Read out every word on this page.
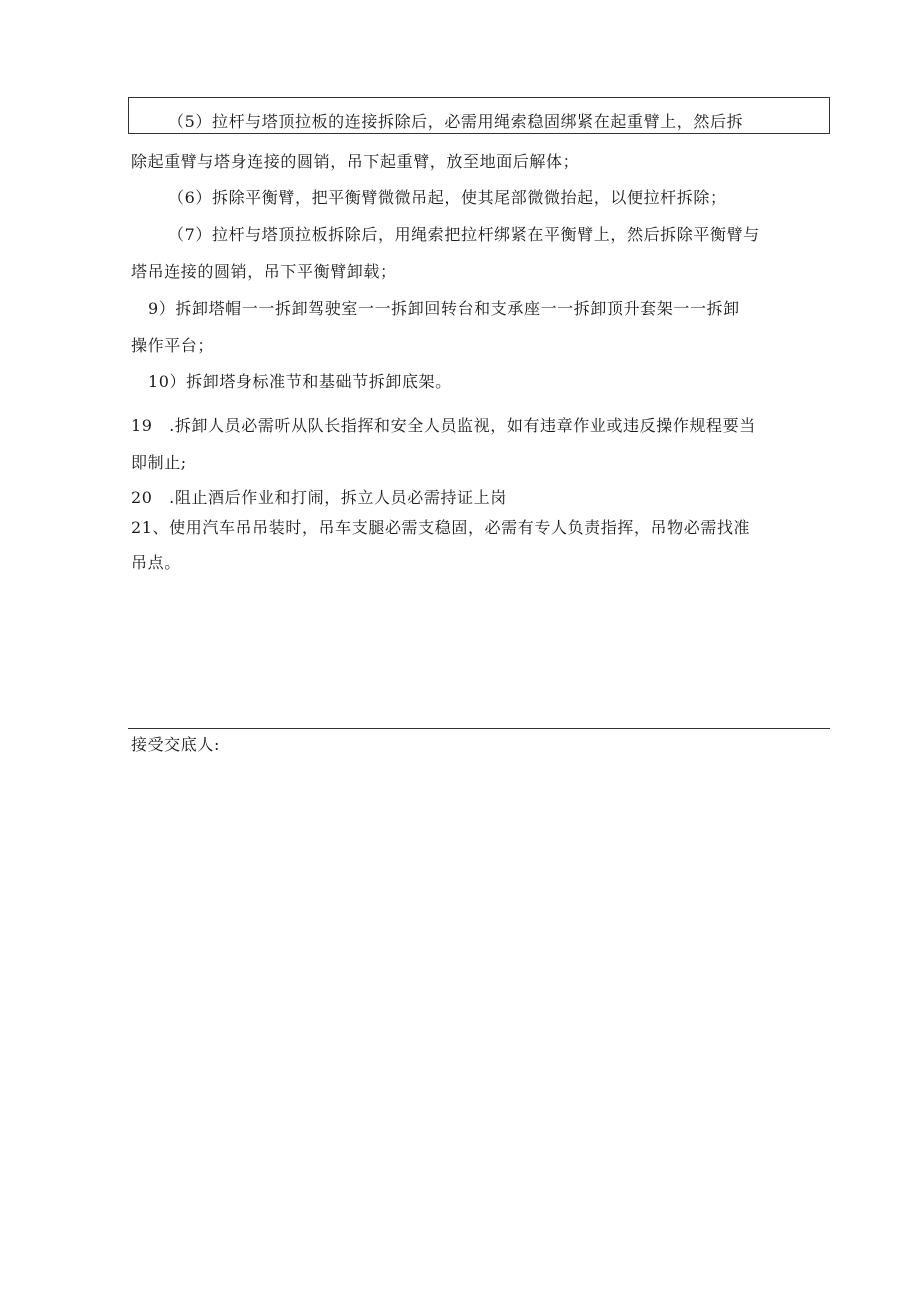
（5）拉杆与塔顶拉板的连接拆除后，必需用绳索稳固绑紧在起重臂上，然后拆
除起重臂与塔身连接的圆销，吊下起重臂，放至地面后解体；
（6）拆除平衡臂，把平衡臂微微吊起，使其尾部微微抬起，以便拉杆拆除；
（7）拉杆与塔顶拉板拆除后，用绳索把拉杆绑紧在平衡臂上，然后拆除平衡臂与
塔吊连接的圆销，吊下平衡臂卸载；
9）拆卸塔帽一一拆卸驾驶室一一拆卸回转台和支承座一一拆卸顶升套架一一拆卸
操作平台；
10）拆卸塔身标准节和基础节拆卸底架。
19　.拆卸人员必需听从队长指挥和安全人员监视，如有违章作业或违反操作规程要当
即制止;
20　.阻止酒后作业和打闹，拆立人员必需持证上岗
21、使用汽车吊吊装时，吊车支腿必需支稳固，必需有专人负责指挥，吊物必需找准
吊点。
接受交底人:
